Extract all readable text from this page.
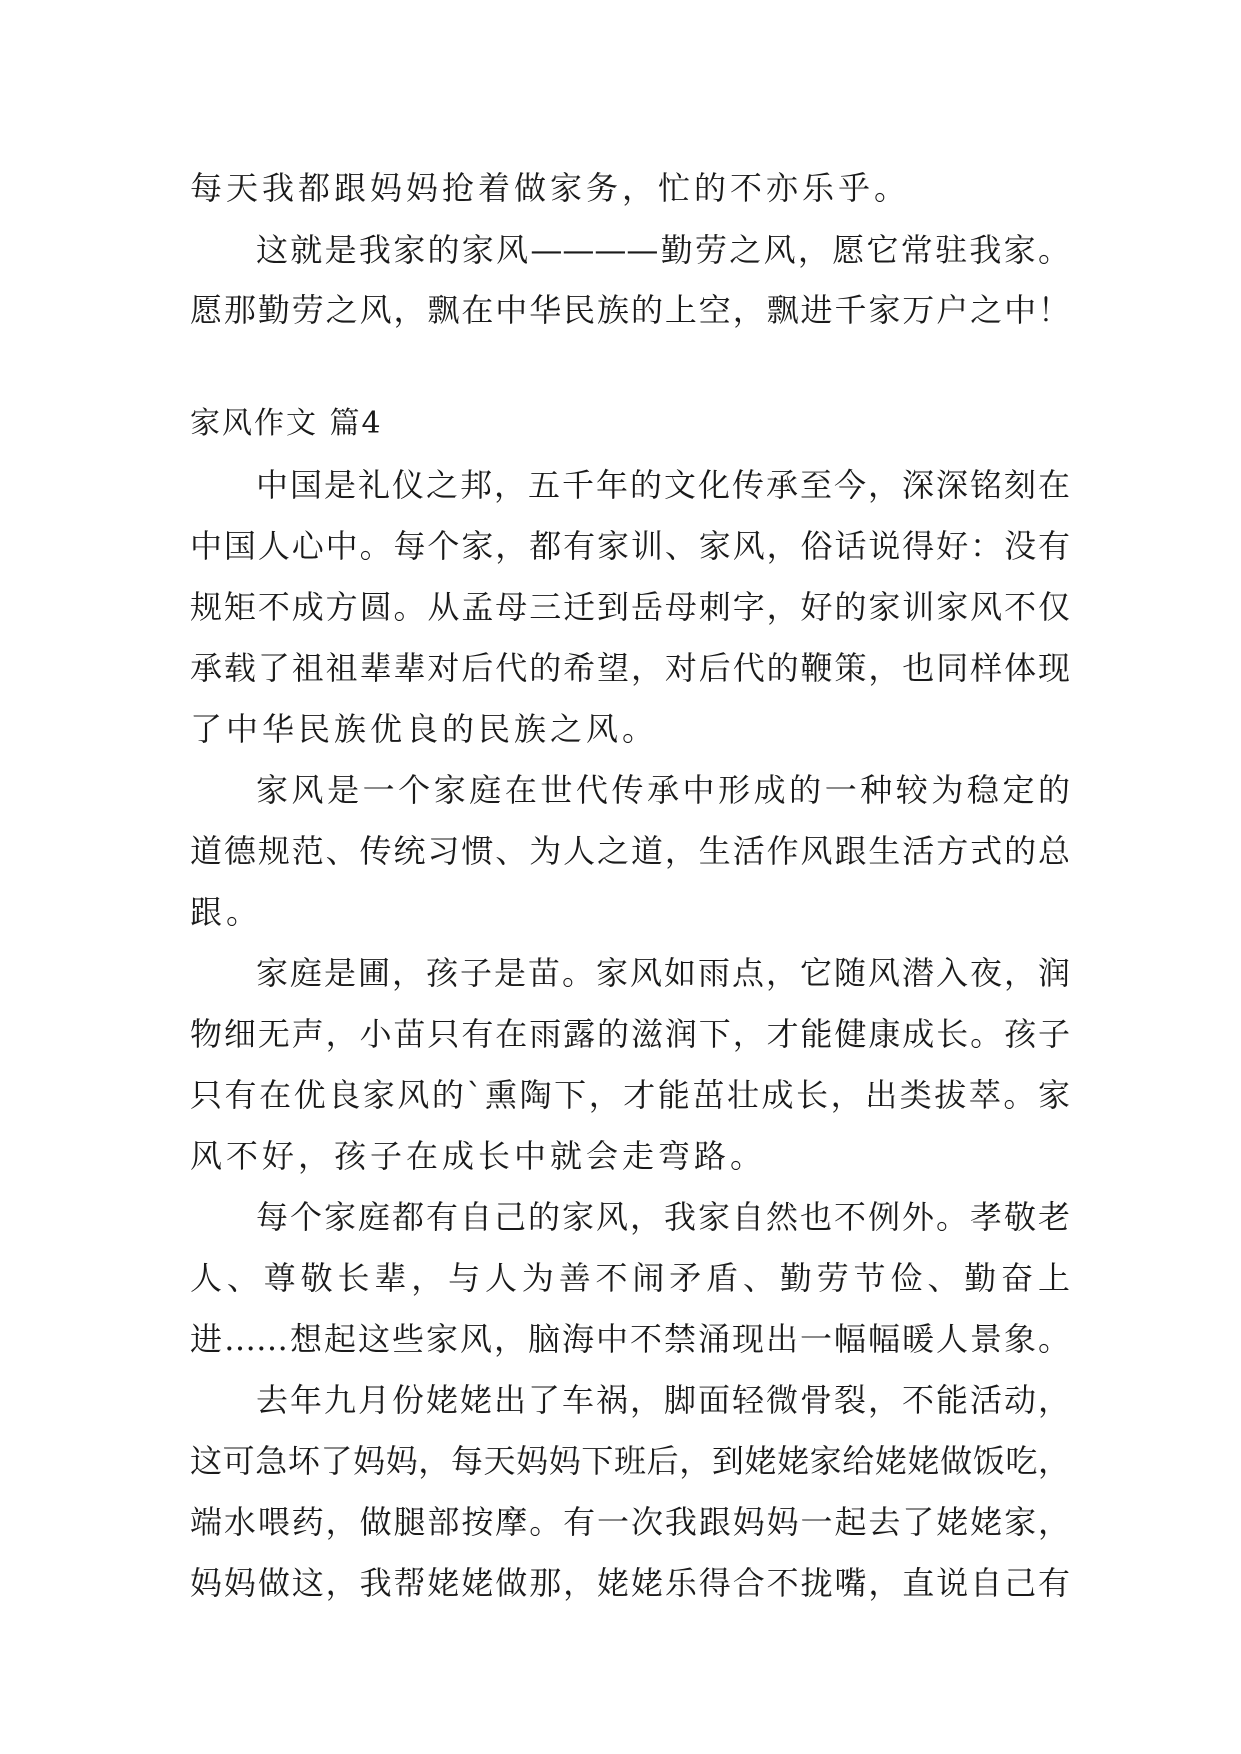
每天我都跟妈妈抢着做家务，忙的不亦乐乎。
这就是我家的家风————勤劳之风，愿它常驻我家。
愿那勤劳之风，飘在中华民族的上空，飘进千家万户之中！
家风作文 篇4
中国是礼仪之邦，五千年的文化传承至今，深深铭刻在
中国人心中。每个家，都有家训、家风，俗话说得好：没有
规矩不成方圆。从孟母三迁到岳母刺字，好的家训家风不仅
承载了祖祖辈辈对后代的希望，对后代的鞭策，也同样体现
了中华民族优良的民族之风。
家风是一个家庭在世代传承中形成的一种较为稳定的
道德规范、传统习惯、为人之道，生活作风跟生活方式的总
跟。
家庭是圃，孩子是苗。家风如雨点，它随风潜入夜，润
物细无声，小苗只有在雨露的滋润下，才能健康成长。孩子
只有在优良家风的`熏陶下，才能茁壮成长，出类拔萃。家
风不好，孩子在成长中就会走弯路。
每个家庭都有自己的家风，我家自然也不例外。孝敬老
人、尊敬长辈，与人为善不闹矛盾、勤劳节俭、勤奋上
进……想起这些家风，脑海中不禁涌现出一幅幅暖人景象。
去年九月份姥姥出了车祸，脚面轻微骨裂，不能活动，
这可急坏了妈妈，每天妈妈下班后，到姥姥家给姥姥做饭吃，
端水喂药，做腿部按摩。有一次我跟妈妈一起去了姥姥家，
妈妈做这，我帮姥姥做那，姥姥乐得合不拢嘴，直说自己有
